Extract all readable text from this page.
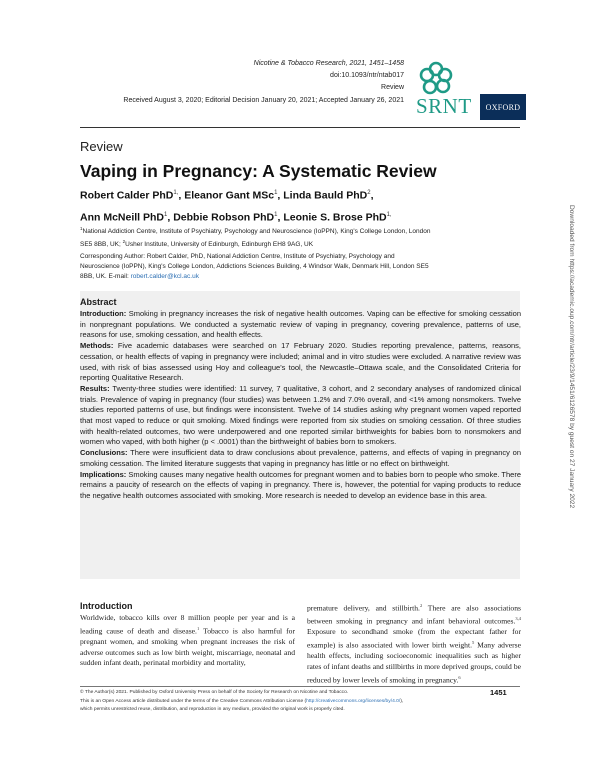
Nicotine & Tobacco Research, 2021, 1451–1458
doi:10.1093/ntr/ntab017
Review
Received August 3, 2020; Editorial Decision January 20, 2021; Accepted January 26, 2021 SRNT	OXFORD
Review
Vaping in Pregnancy: A Systematic Review
Robert Calder PhD$^{1,}$, Eleanor Gant MSc$^1$, Linda Bauld PhD$^2$,
Ann McNeill PhD$^1$, Debbie Robson PhD$^1$, Leonie S. Brose PhD$^{1,}$
$^1$National Addiction Centre, Institute of Psychiatry, Psychology and Neuroscience (IoPPN), King's College London, London SE5 8BB, UK; $^2$Usher Institute, University of Edinburgh, Edinburgh EH8 9AG, UK
Corresponding Author: Robert Calder, PhD, National Addiction Centre, Institute of Psychiatry, Psychology and Neuroscience (IoPPN), King's College London, Addictions Sciences Building, 4 Windsor Walk, Denmark Hill, London SE5 8BB, UK. E-mail: robert.calder@kcl.ac.uk	Downloaded from https://academic.oup.com/ntr/article/23/9/1451/6126578 by guest on 27 January 2022
Abstract

Introduction: Smoking in pregnancy increases the risk of negative health outcomes. Vaping can be effective for smoking cessation in nonpregnant populations. We conducted a systematic review of vaping in pregnancy, covering prevalence, patterns of use, reasons for use, smoking cessation, and health effects.

Methods: Five academic databases were searched on 17 February 2020. Studies reporting prevalence, patterns, reasons, cessation, or health effects of vaping in pregnancy were included; animal and in vitro studies were excluded. A narrative review was used, with risk of bias assessed using Hoy and colleague's tool, the Newcastle–Ottawa scale, and the Consolidated Criteria for reporting Qualitative Research.

Results: Twenty-three studies were identified: 11 survey, 7 qualitative, 3 cohort, and 2 secondary analyses of randomized clinical trials. Prevalence of vaping in pregnancy (four studies) was between 1.2% and 7.0% overall, and <1% among nonsmokers. Twelve studies reported patterns of use, but findings were inconsistent. Twelve of 14 studies asking why pregnant women vaped reported that most vaped to reduce or quit smoking. Mixed findings were reported from six studies on smoking cessation. Of three studies with health-related outcomes, two were underpowered and one reported similar birthweights for babies born to nonsmokers and women who vaped, with both higher (p < .0001) than the birthweight of babies born to smokers.

Conclusions: There were insufficient data to draw conclusions about prevalence, patterns, and effects of vaping in pregnancy on smoking cessation. The limited literature suggests that vaping in pregnancy has little or no effect on birthweight.

Implications: Smoking causes many negative health outcomes for pregnant women and to babies born to people who smoke. There remains a paucity of research on the effects of vaping in pregnancy. There is, however, the potential for vaping products to reduce the negative health outcomes associated with smoking. More research is needed to develop an evidence base in this area.

Introduction

Worldwide, tobacco kills over 8 million people per year and is a leading cause of death and disease.$^1$ Tobacco is also harmful for pregnant women, and smoking when pregnant increases the risk of adverse outcomes such as low birth weight, miscarriage, neonatal and sudden infant death, perinatal morbidity and mortality,

premature delivery, and stillbirth.$^2$ There are also associations between smoking in pregnancy and infant behavioral outcomes.$^{3,4}$ Exposure to secondhand smoke (from the expectant father for example) is also associated with lower birth weight.$^5$ Many adverse health effects, including socioeconomic inequalities such as higher rates of infant deaths and stillbirths in more deprived groups, could be reduced by lower levels of smoking in pregnancy.$^6$

© The Author(s) 2021. Published by Oxford University Press on behalf of the Society for Research on Nicotine and Tobacco.
This is an Open Access article distributed under the terms of the Creative Commons Attribution License (http://creativecommons.org/licenses/by/4.0/),
which permits unrestricted reuse, distribution, and reproduction in any medium, provided the original work is properly cited.
1451
